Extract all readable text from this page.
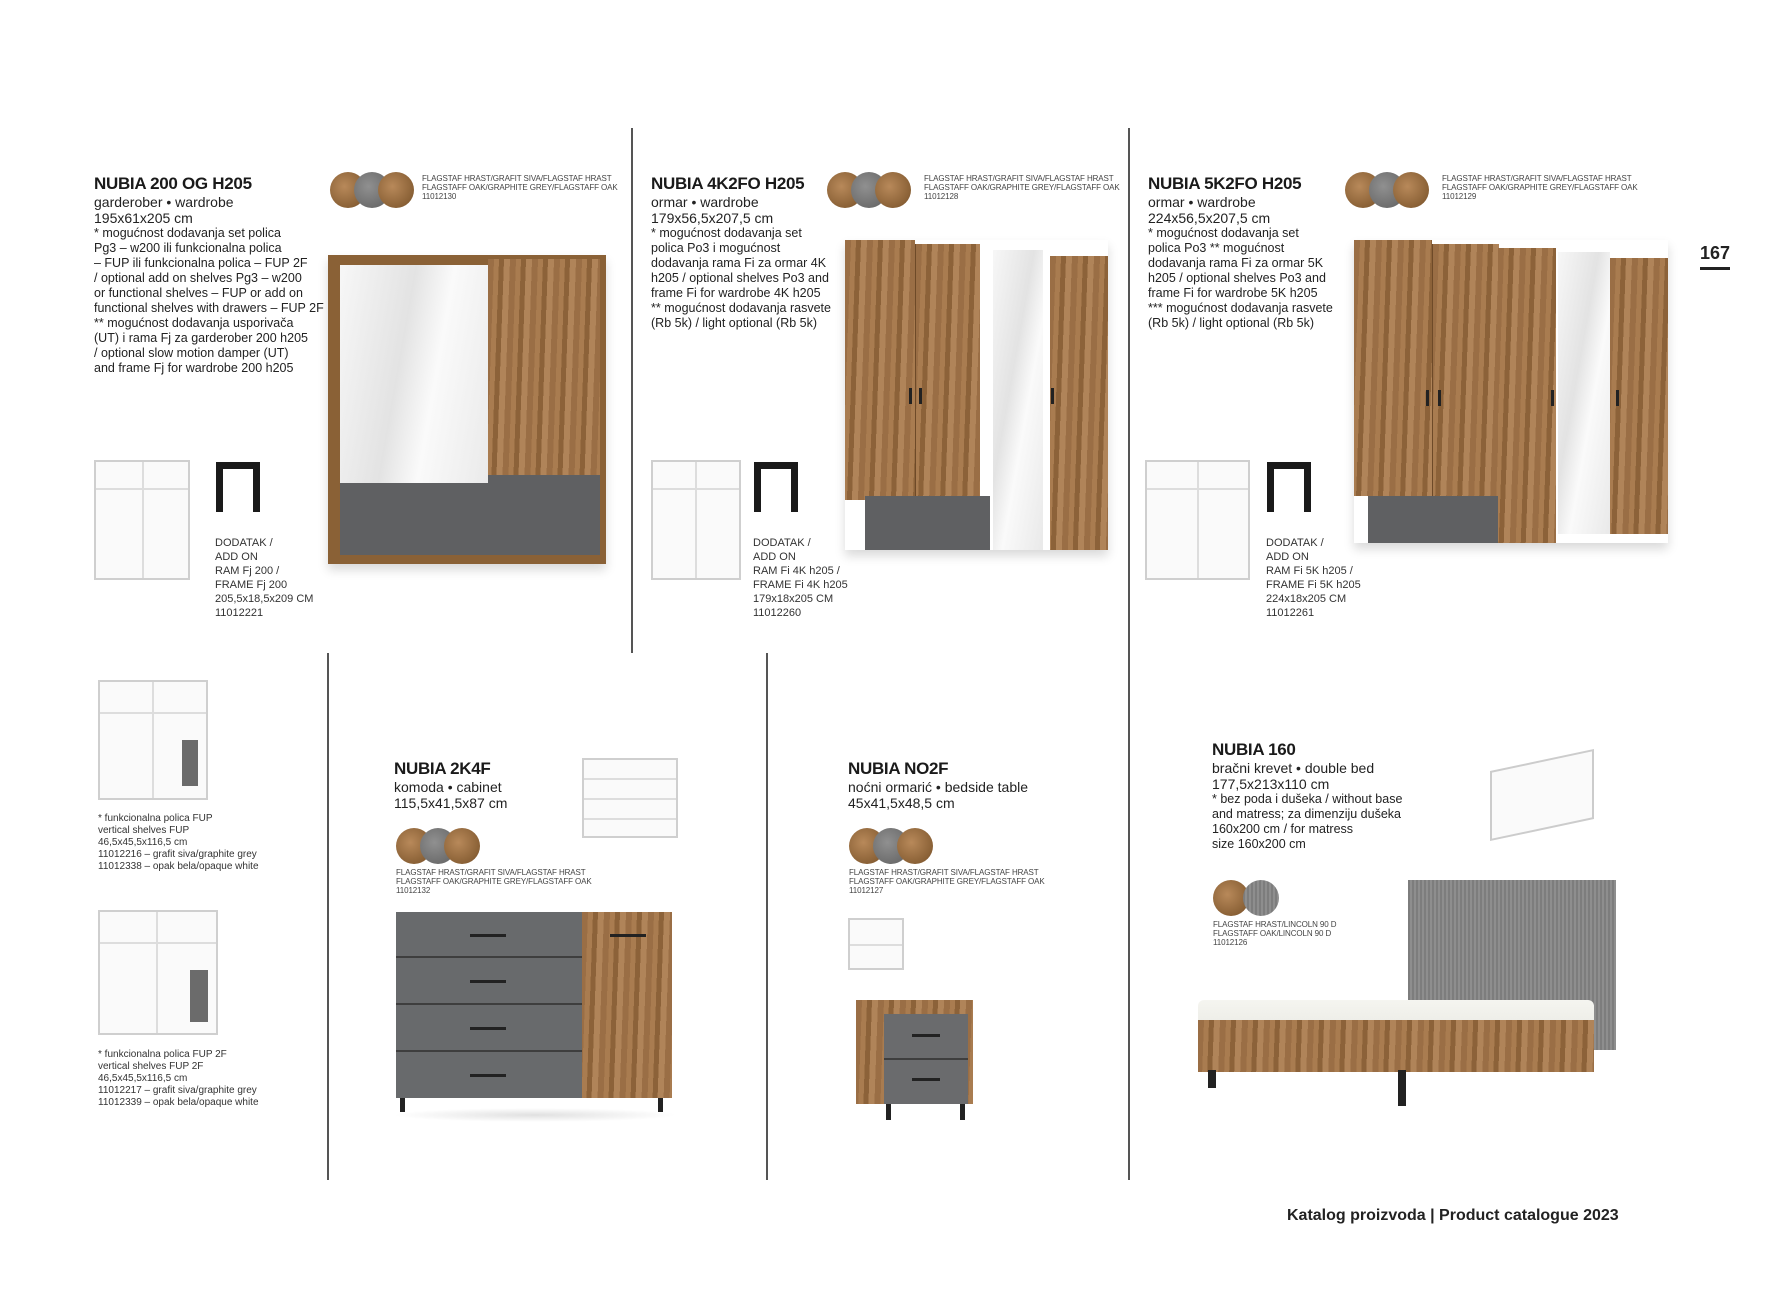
167
NUBIA 200 OG H205
garderober • wardrobe
195x61x205 cm
* mogućnost dodavanja set polica
Pg3 – w200 ili funkcionalna polica
– FUP ili funkcionalna polica – FUP 2F
/ optional add on shelves Pg3 – w200
or functional shelves – FUP or add on
functional shelves with drawers – FUP 2F
** mogućnost dodavanja usporivača
(UT) i rama Fj za garderober 200 h205
/ optional slow motion damper (UT)
and frame Fj for wardrobe 200 h205
FLAGSTAF HRAST/GRAFIT SIVA/FLAGSTAF HRAST
FLAGSTAFF OAK/GRAPHITE GREY/FLAGSTAFF OAK
11012130
DODATAK /
ADD ON
RAM Fj 200 /
FRAME Fj 200
205,5x18,5x209 CM
11012221
NUBIA 4K2FO H205
ormar • wardrobe
179x56,5x207,5 cm
* mogućnost dodavanja set
polica Po3 i mogućnost
dodavanja rama Fi za ormar 4K
h205 / optional shelves Po3 and
frame Fi for wardrobe 4K h205
** mogućnost dodavanja rasvete
(Rb 5k) / light optional (Rb 5k)
FLAGSTAF HRAST/GRAFIT SIVA/FLAGSTAF HRAST
FLAGSTAFF OAK/GRAPHITE GREY/FLAGSTAFF OAK
11012128
DODATAK /
ADD ON
RAM Fi 4K h205 /
FRAME Fi 4K h205
179x18x205 CM
11012260
NUBIA 5K2FO H205
ormar • wardrobe
224x56,5x207,5 cm
* mogućnost dodavanja set
polica Po3 ** mogućnost
dodavanja rama Fi za ormar 5K
h205 / optional shelves Po3 and
frame Fi for wardrobe 5K h205
*** mogućnost dodavanja rasvete
(Rb 5k) / light optional (Rb 5k)
FLAGSTAF HRAST/GRAFIT SIVA/FLAGSTAF HRAST
FLAGSTAFF OAK/GRAPHITE GREY/FLAGSTAFF OAK
11012129
DODATAK /
ADD ON
RAM Fi 5K h205 /
FRAME Fi 5K h205
224x18x205 CM
11012261
* funkcionalna polica FUP
vertical shelves FUP
46,5x45,5x116,5 cm
11012216 – grafit siva/graphite grey
11012338 – opak bela/opaque white
* funkcionalna polica FUP 2F
vertical shelves FUP 2F
46,5x45,5x116,5 cm
11012217 – grafit siva/graphite grey
11012339 – opak bela/opaque white
NUBIA 2K4F
komoda • cabinet
115,5x41,5x87 cm
FLAGSTAF HRAST/GRAFIT SIVA/FLAGSTAF HRAST
FLAGSTAFF OAK/GRAPHITE GREY/FLAGSTAFF OAK
11012132
NUBIA NO2F
noćni ormarić • bedside table
45x41,5x48,5 cm
FLAGSTAF HRAST/GRAFIT SIVA/FLAGSTAF HRAST
FLAGSTAFF OAK/GRAPHITE GREY/FLAGSTAFF OAK
11012127
NUBIA 160
bračni krevet • double bed
177,5x213x110 cm
* bez poda i dušeka / without base
and matress; za dimenziju dušeka
160x200 cm / for matress
size 160x200 cm
FLAGSTAF HRAST/LINCOLN 90 D
FLAGSTAFF OAK/LINCOLN 90 D
11012126
Katalog proizvoda | Product catalogue 2023
